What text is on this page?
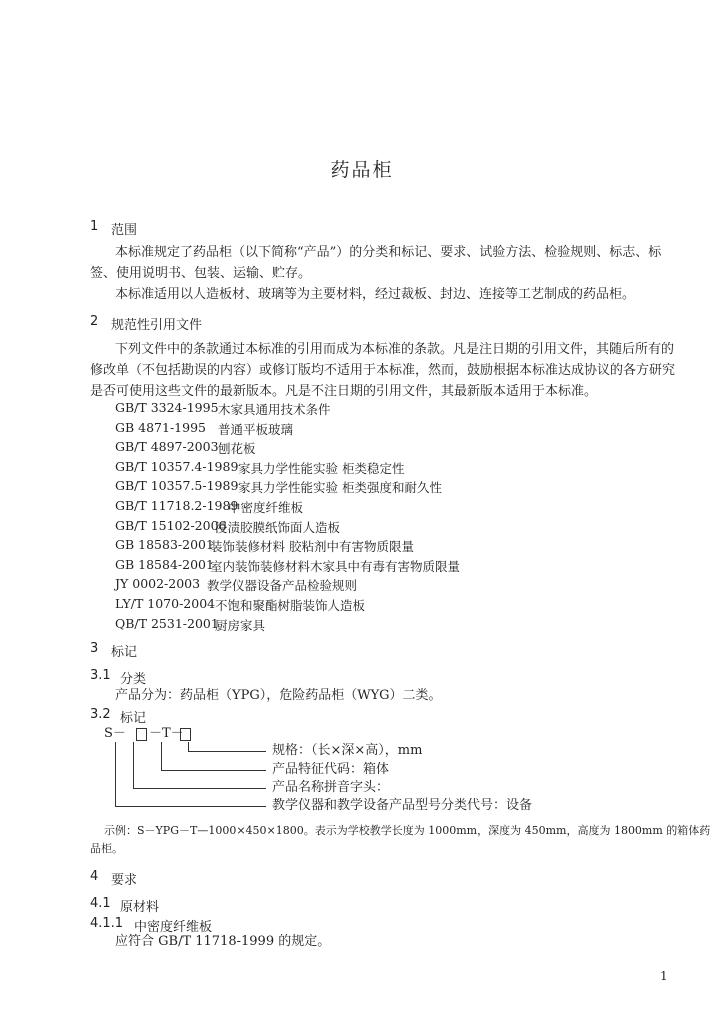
药品柜
1 范围
本标准规定了药品柜（以下简称“产品”）的分类和标记、要求、试验方法、检验规则、标志、标
签、使用说明书、包装、运输、贮存。
本标准适用以人造板材、玻璃等为主要材料，经过裁板、封边、连接等工艺制成的药品柜。
2 规范性引用文件
下列文件中的条款通过本标准的引用而成为本标准的条款。凡是注日期的引用文件，其随后所有的
修改单（不包括勘误的内容）或修订版均不适用于本标准，然而，鼓励根据本标准达成协议的各方研究
是否可使用这些文件的最新版本。凡是不注日期的引用文件，其最新版本适用于本标准。
GB/T 3324-1995 木家具通用技术条件
GB 4871-1995 普通平板玻璃
GB/T 4897-2003 刨花板
GB/T 10357.4-1989 家具力学性能实验 柜类稳定性
GB/T 10357.5-1989 家具力学性能实验 柜类强度和耐久性
GB/T 11718.2-1989
中密度纤维板
GB/T 15102-2006
浸渍胶膜纸饰面人造板
GB 18583-2001
装饰装修材料 胶粘剂中有害物质限量
GB 18584-2001
室内装饰装修材料木家具中有毒有害物质限量
JY 0002-2003 教学仪器设备产品检验规则
LY/T 1070-2004 不饱和聚酯树脂装饰人造板
QB/T 2531-2001
厨房家具
3 标记
3.1 分类
产品分为：药品柜（YPG），危险药品柜（WYG）二类。
3.2 标记
S－ －T－
规格：（长×深×高），mm
产品特征代码：箱体
产品名称拼音字头：
教学仪器和教学设备产品型号分类代号：设备
示例：S－YPG－T—1000×450×1800。表示为学校教学长度为 1000mm，深度为 450mm，高度为 1800mm 的箱体药
品柜。
4 要求
4.1 原材料
4.1.1 中密度纤维板
应符合 GB/T 11718-1999 的规定。
1
